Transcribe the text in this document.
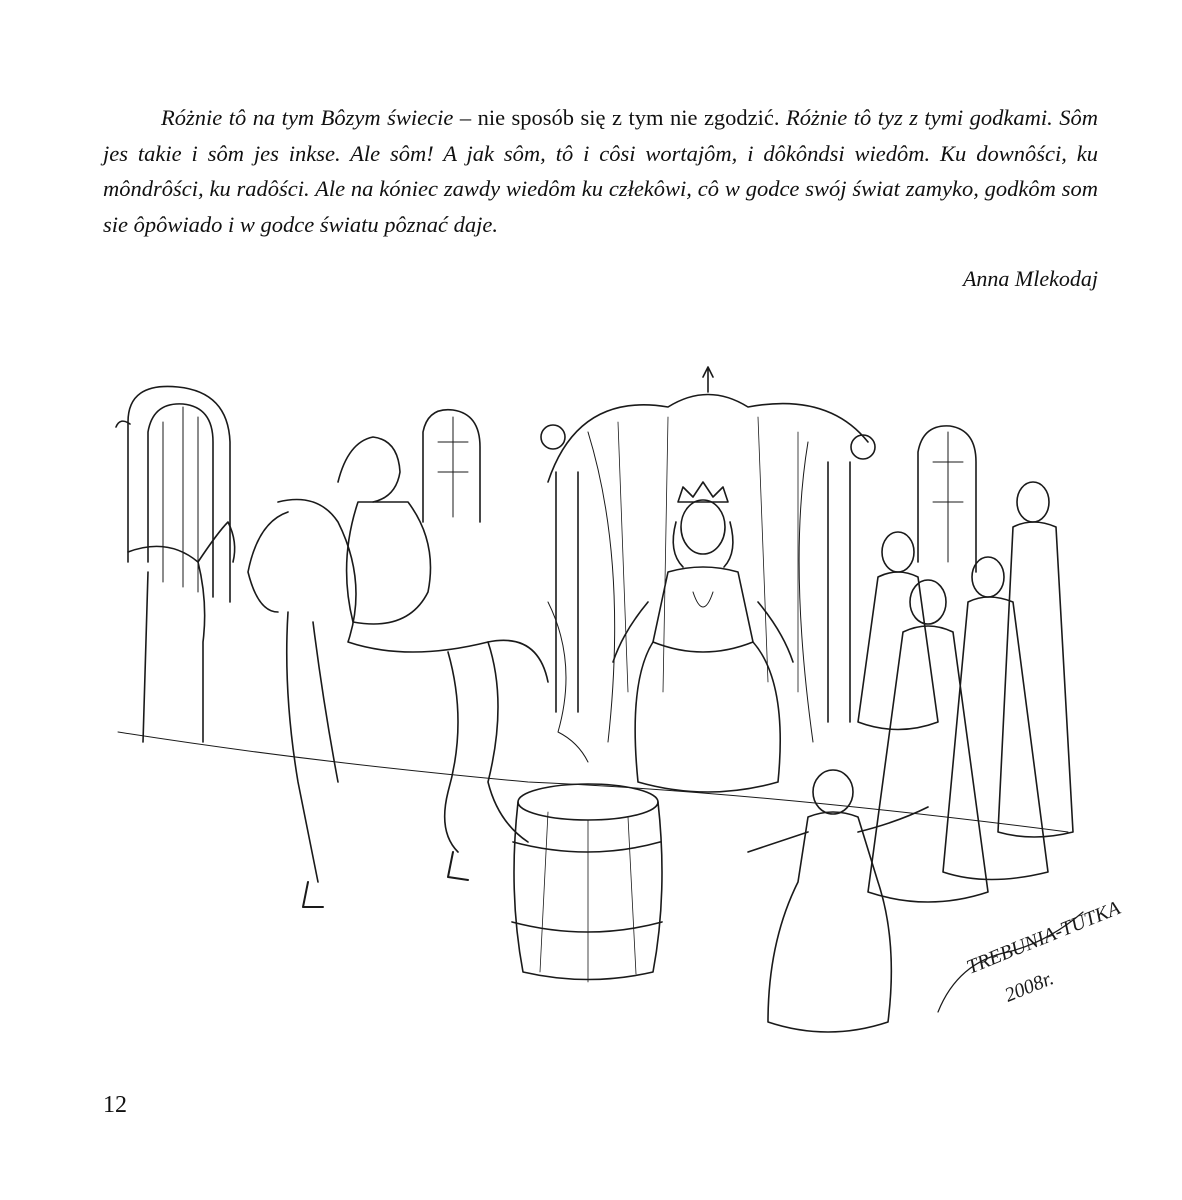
Różnie tô na tym Bôzym świecie – nie sposób się z tym nie zgodzić. Różnie tô tyz z tymi godkami. Sôm jes takie i sôm jes inkse. Ale sôm! A jak sôm, tô i côsi wortajôm, i dôkôndsi wiedôm. Ku downôści, ku môndrôści, ku radôści. Ale na kóniec zawdy wiedôm ku człekôwi, cô w godce swój świat zamyko, godkôm som sie ôpôwiado i w godce światu pôznać daje.

Anna Mlekodaj

TREBUNIA-TUTKA
2008r.

12
